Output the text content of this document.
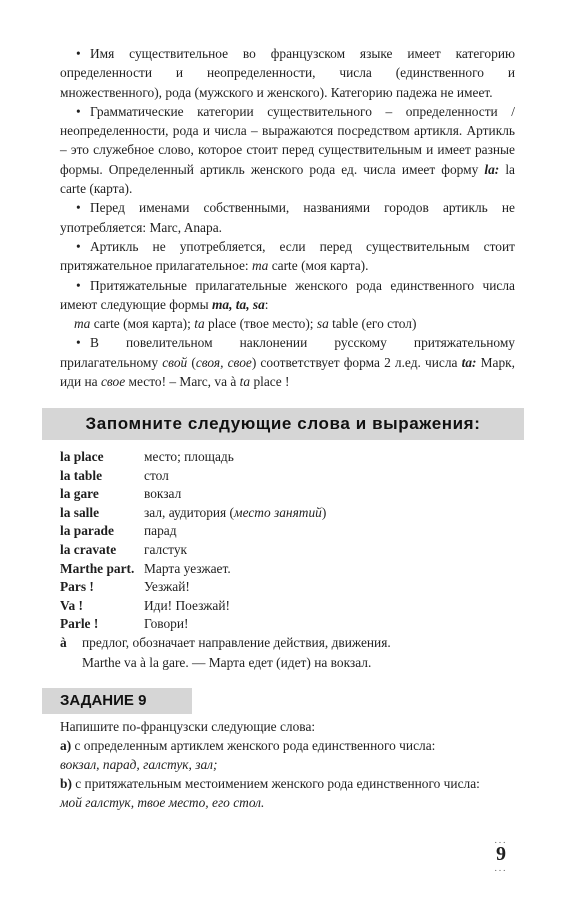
• Имя существительное во французском языке имеет категорию определенности и неопределенности, числа (единственного и множественного), рода (мужского и женского). Категорию падежа не имеет.

• Грамматические категории существительного – определенности / неопределенности, рода и числа – выражаются посредством артикля. Артикль – это служебное слово, которое стоит перед существительным и имеет разные формы. Определенный артикль женского рода ед. числа имеет форму la: la carte (карта).

• Перед именами собственными, названиями городов артикль не употребляется: Marc, Anapa.

• Артикль не употребляется, если перед существительным стоит притяжательное прилагательное: ma carte (моя карта).

• Притяжательные прилагательные женского рода единственного числа имеют следующие формы ma, ta, sa:

ma carte (моя карта); ta place (твое место); sa table (его стол)

• В повелительном наклонении русскому притяжательному прилагательному свой (своя, свое) соответствует форма 2 л.ед. числа ta: Марк, иди на свое место! – Marc, va à ta place !

Запомните следующие слова и выражения:
la place	место; площадь
la table	стол
la gare	вокзал
la salle	зал, аудитория (место занятий)
la parade парад
la cravate галстук
Marthe part. Марта уезжает.
Pars !	Уезжай!
Va !	Иди! Поезжай!
Parle !	Говори!
à предлог, обозначает направление действия, движения.
Marthe va à la gare. — Марта едет (идет) на вокзал.
ЗАДАНИЕ 9

Напишите по-французски следующие слова:

а) с определенным артиклем женского рода единственного числа:

вокзал, парад, галстук, зал;

b) с притяжательным местоимением женского рода единственного числа:

мой галстук, твое место, его стол.

...
9
...
